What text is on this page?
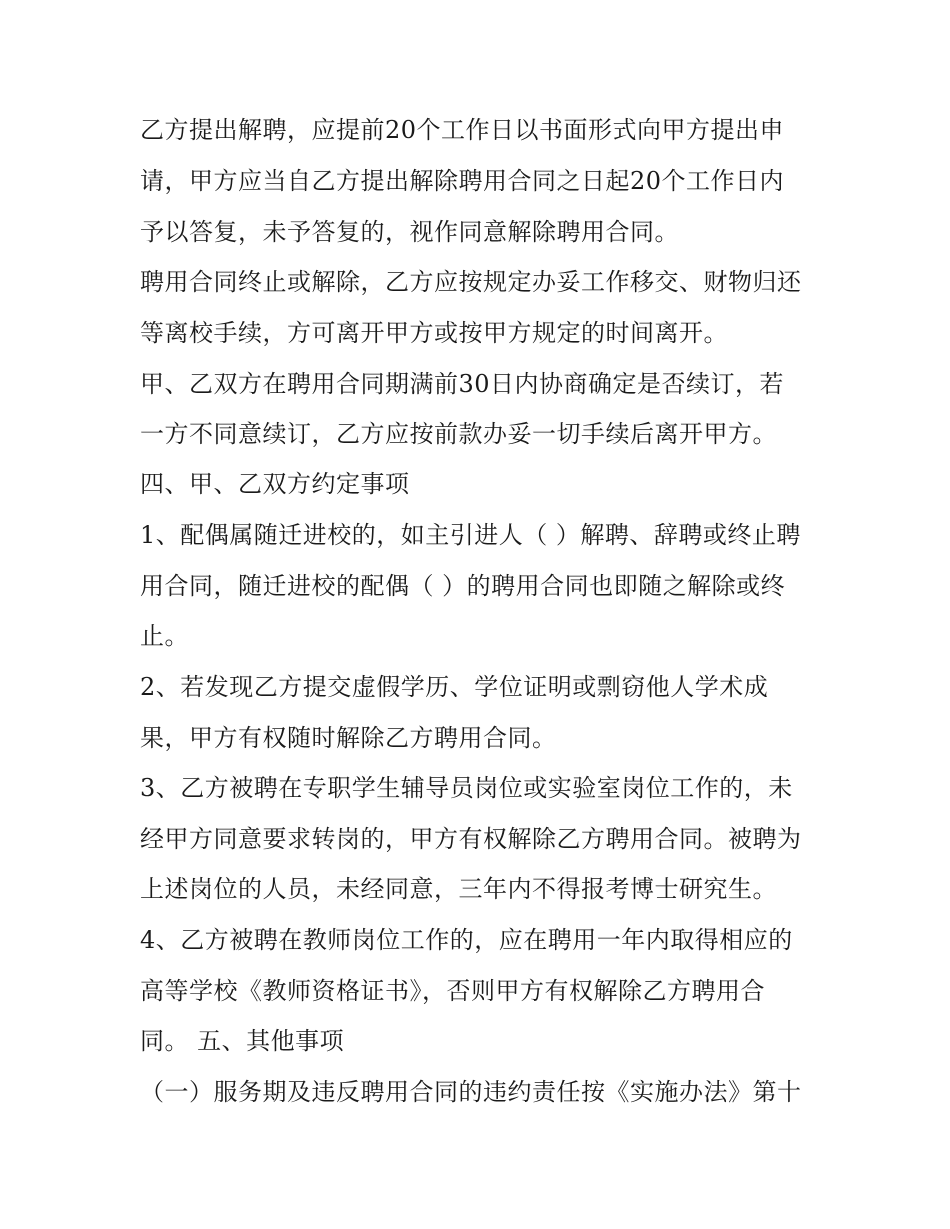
乙方提出解聘，应提前20个工作日以书面形式向甲方提出申
请，甲方应当自乙方提出解除聘用合同之日起20个工作日内
予以答复，未予答复的，视作同意解除聘用合同。
聘用合同终止或解除，乙方应按规定办妥工作移交、财物归还
等离校手续，方可离开甲方或按甲方规定的时间离开。
甲、乙双方在聘用合同期满前30日内协商确定是否续订，若
一方不同意续订，乙方应按前款办妥一切手续后离开甲方。
四、甲、乙双方约定事项
1、配偶属随迁进校的，如主引进人（ ）解聘、辞聘或终止聘
用合同，随迁进校的配偶（ ）的聘用合同也即随之解除或终
止。
2、若发现乙方提交虚假学历、学位证明或剽窃他人学术成
果，甲方有权随时解除乙方聘用合同。
3、乙方被聘在专职学生辅导员岗位或实验室岗位工作的，未
经甲方同意要求转岗的，甲方有权解除乙方聘用合同。被聘为
上述岗位的人员，未经同意，三年内不得报考博士研究生。
4、乙方被聘在教师岗位工作的，应在聘用一年内取得相应的
高等学校《教师资格证书》，否则甲方有权解除乙方聘用合
同。 五、其他事项
（一）服务期及违反聘用合同的违约责任按《实施办法》第十
